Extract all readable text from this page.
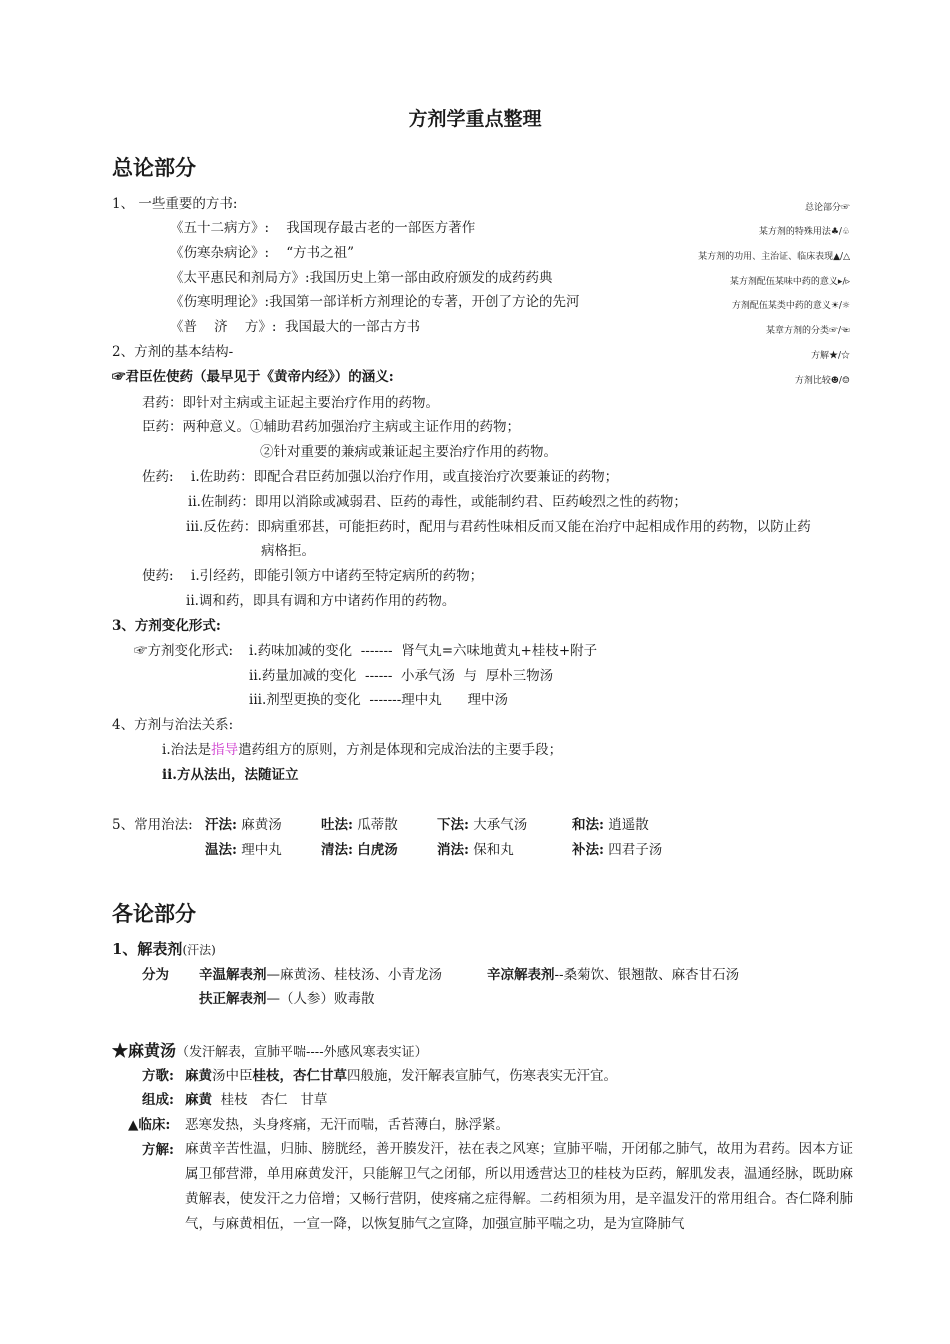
方剂学重点整理
总论部分
1、 一些重要的方书:
《五十二病方》: 我国现存最古老的一部医方著作
《伤寒杂病论》: “方书之祖”
《太平惠民和剂局方》:我国历史上第一部由政府颁发的成药药典
《伤寒明理论》:我国第一部详析方剂理论的专著，开创了方论的先河
《普    济    方》: 我国最大的一部古方书
总论部分☞
某方剂的特殊用法♣/♧
某方剂的功用、主治证、临床表现▲/△
某方剂配伍某味中药的意义▸/▹
方剂配伍某类中药的意义☀/☼
某章方剂的分类☞/☜
方解★/☆
方剂比较☻/☺
2、方剂的基本结构-
☞君臣佐使药（最早见于《黄帝内经》）的涵义:
君药：即针对主病或主证起主要治疗作用的药物。
臣药：两种意义。①辅助君药加强治疗主病或主证作用的药物；
②针对重要的兼病或兼证起主要治疗作用的药物。
佐药: i.佐助药：即配合君臣药加强以治疗作用，或直接治疗次要兼证的药物；
ii.佐制药：即用以消除或减弱君、臣药的毒性，或能制约君、臣药峻烈之性的药物；
iii.反佐药：即病重邪甚，可能拒药时，配用与君药性味相反而又能在治疗中起相成作用的药物，以防止药
病格拒。
使药: i.引经药，即能引领方中诸药至特定病所的药物；
ii.调和药，即具有调和方中诸药作用的药物。
3、方剂变化形式:
☞方剂变化形式: i.药味加减的变化  -------  肾气丸=六味地黄丸+桂枝+附子
ii.药量加减的变化  ------  小承气汤  与  厚朴三物汤
iii.剂型更换的变化  -------理中丸      理中汤
4、方剂与治法关系:
i.治法是指导遣药组方的原则，方剂是体现和完成治法的主要手段；
ii.方从法出，法随证立
5、常用治法: 汗法: 麻黄汤	吐法: 瓜蒂散	下法: 大承气汤	和法: 逍遥散
温法: 理中丸	清法: 白虎汤	消法: 保和丸	补法: 四君子汤
各论部分
1、解表剂(汗法)
分为 辛温解表剂—麻黄汤、桂枝汤、小青龙汤	辛凉解表剂--桑菊饮、银翘散、麻杏甘石汤
扶正解表剂—（人参）败毒散
★麻黄汤（发汗解表，宣肺平喘----外感风寒表实证）
方歌: 麻黄汤中臣桂枝，杏仁甘草四般施，发汗解表宣肺气，伤寒表实无汗宜。
组成: 麻黄  桂枝   杏仁   甘草
▲临床: 恶寒发热，头身疼痛，无汗而喘，舌苔薄白，脉浮紧。
方解: 麻黄辛苦性温，归肺、膀胱经，善开腠发汗，祛在表之风寒；宣肺平喘，开闭郁之肺气，故用为君药。因本方证属卫郁营滞，单用麻黄发汗，只能解卫气之闭郁，所以用透营达卫的桂枝为臣药，解肌发表，温通经脉，既助麻黄解表，使发汗之力倍增；又畅行营阴，使疼痛之症得解。二药相须为用，是辛温发汗的常用组合。杏仁降利肺气，与麻黄相伍，一宣一降，以恢复肺气之宣降，加强宣肺平喘之功，是为宣降肺气
